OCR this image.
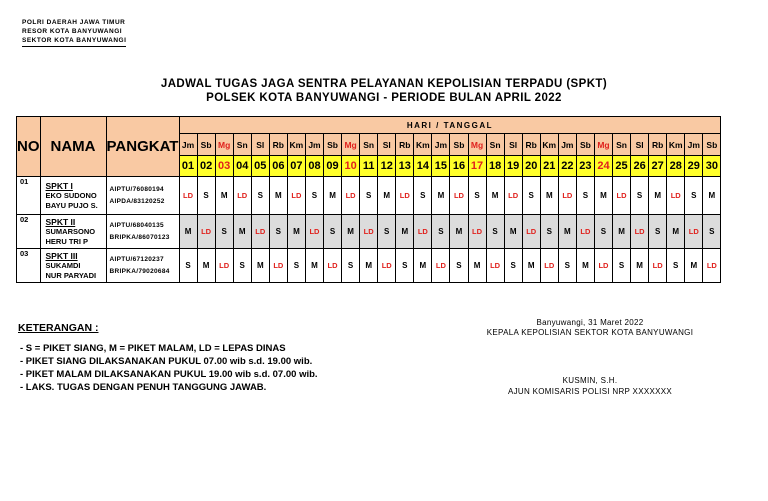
POLRI DAERAH JAWA TIMUR
RESOR KOTA BANYUWANGI
SEKTOR KOTA BANYUWANGI
JADWAL TUGAS JAGA SENTRA PELAYANAN KEPOLISIAN TERPADU (SPKT)
POLSEK KOTA BANYUWANGI - PERIODE BULAN APRIL 2022
NO	NAMA	PANGKAT	HARI / TANGGAL																													
			Jm	Sb	Mg	Sn	Sl	Rb	Km	Jm	Sb	Mg	Sn	Sl	Rb	Km	Jm	Sb	Mg	Sn	Sl	Rb	Km	Jm	Sb	Mg	Sn	Sl	Rb	Km	Jm	Sb
			01	02	03	04	05	06	07	08	09	10	11	12	13	14	15	16	17	18	19	20	21	22	23	24	25	26	27	28	29	30
01	SPKT I
EKO SUDONO
BAYU PUJO S.	AIPTU/76080194
AIPDA/83120252	LD	S	M	LD	S	M	LD	S	M	LD	S	M	LD	S	M	LD	S	M	LD	S	M	LD	S	M	LD	S	M	LD	S	M
02	SPKT II
SUMARSONO
HERU TRI P	AIPTU/68040135
BRIPKA/86070123	M	LD	S	M	LD	S	M	LD	S	M	LD	S	M	LD	S	M	LD	S	M	LD	S	M	LD	S	M	LD	S	M	LD	S
03	SPKT III
SUKAMDI
NUR PARYADI	AIPTU/67120237
BRIPKA/79020684	S	M	LD	S	M	LD	S	M	LD	S	M	LD	S	M	LD	S	M	LD	S	M	LD	S	M	LD	S	M	LD	S	M	LD
KETERANGAN :
- S = PIKET SIANG, M = PIKET MALAM, LD = LEPAS DINAS
- PIKET SIANG DILAKSANAKAN PUKUL 07.00 wib s.d. 19.00 wib.
- PIKET MALAM DILAKSANAKAN PUKUL 19.00 wib s.d. 07.00 wib.
- LAKS. TUGAS DENGAN PENUH TANGGUNG JAWAB.
Banyuwangi, 31 Maret 2022
KEPALA KEPOLISIAN SEKTOR KOTA BANYUWANGI
KUSMIN, S.H.
AJUN KOMISARIS POLISI NRP XXXXXXX
